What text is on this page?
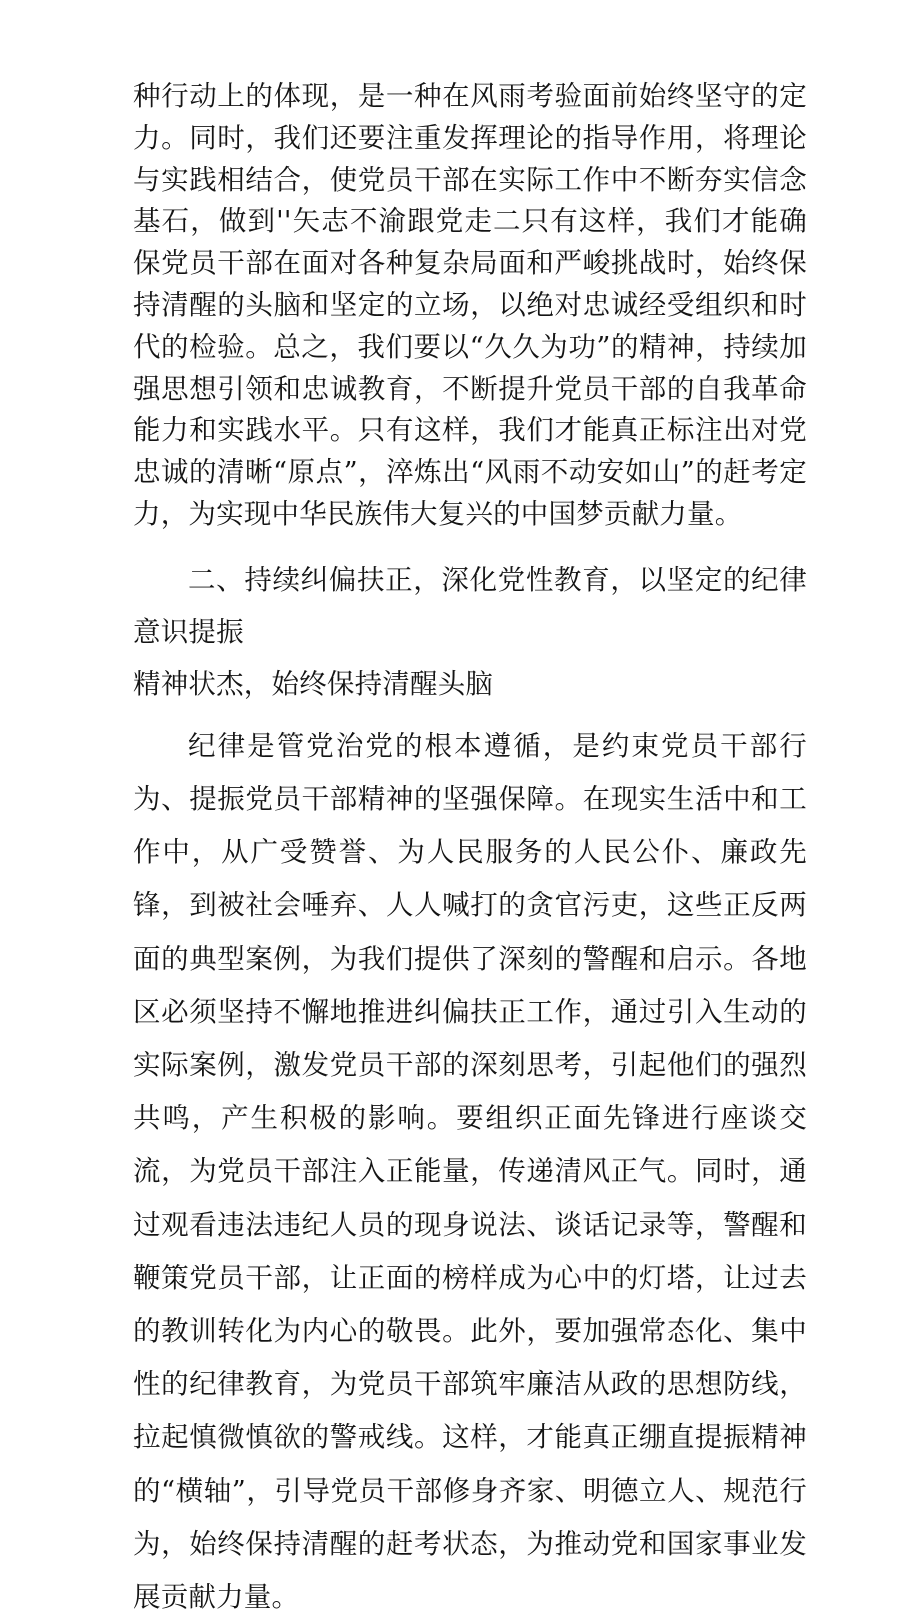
种行动上的体现，是一种在风雨考验面前始终坚守的定力。同时，我们还要注重发挥理论的指导作用，将理论与实践相结合，使党员干部在实际工作中不断夯实信念基石，做到''矢志不渝跟党走二只有这样，我们才能确保党员干部在面对各种复杂局面和严峻挑战时，始终保持清醒的头脑和坚定的立场，以绝对忠诚经受组织和时代的检验。总之，我们要以“久久为功”的精神，持续加强思想引领和忠诚教育，不断提升党员干部的自我革命能力和实践水平。只有这样，我们才能真正标注出对党忠诚的清晰“原点”，淬炼出“风雨不动安如山”的赶考定力，为实现中华民族伟大复兴的中国梦贡献力量。

二、持续纠偏扶正，深化党性教育，以坚定的纪律意识提振
精神状杰，始终保持清醒头脑

纪律是管党治党的根本遵循，是约束党员干部行为、提振党员干部精神的坚强保障。在现实生活中和工作中，从广受赞誉、为人民服务的人民公仆、廉政先锋，到被社会唾弃、人人喊打的贪官污吏，这些正反两面的典型案例，为我们提供了深刻的警醒和启示。各地区必须坚持不懈地推进纠偏扶正工作，通过引入生动的实际案例，激发党员干部的深刻思考，引起他们的强烈共鸣，产生积极的影响。要组织正面先锋进行座谈交流，为党员干部注入正能量，传递清风正气。同时，通过观看违法违纪人员的现身说法、谈话记录等，警醒和鞭策党员干部，让正面的榜样成为心中的灯塔，让过去的教训转化为内心的敬畏。此外，要加强常态化、集中性的纪律教育，为党员干部筑牢廉洁从政的思想防线，拉起慎微慎欲的警戒线。这样，才能真正绷直提振精神的“横轴”，引导党员干部修身齐家、明德立人、规范行为，始终保持清醒的赶考状态，为推动党和国家事业发展贡献力量。
